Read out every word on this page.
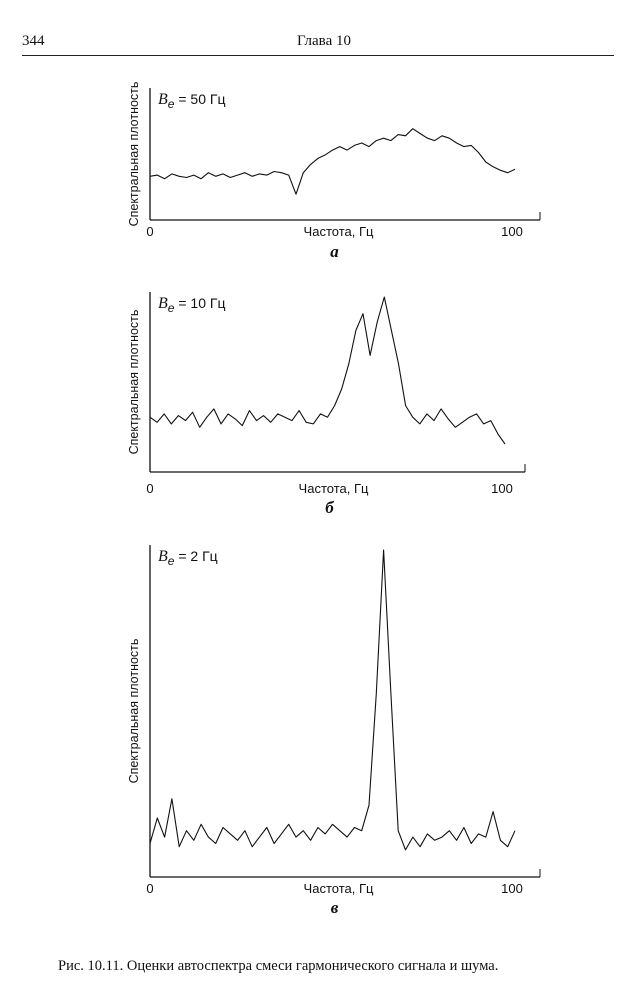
344	Глава 10
0	100
Частота, Гц
Спектральная плотность Be = 50 Гц
а
0	100
Частота, Гц
Спектральная плотность
Be = 10 Гц
б
0	100
Частота, Гц
Спектральная плотность
Be = 2 Гц
в
Рис. 10.11. Оценки автоспектра смеси гармонического сигнала и шума.
